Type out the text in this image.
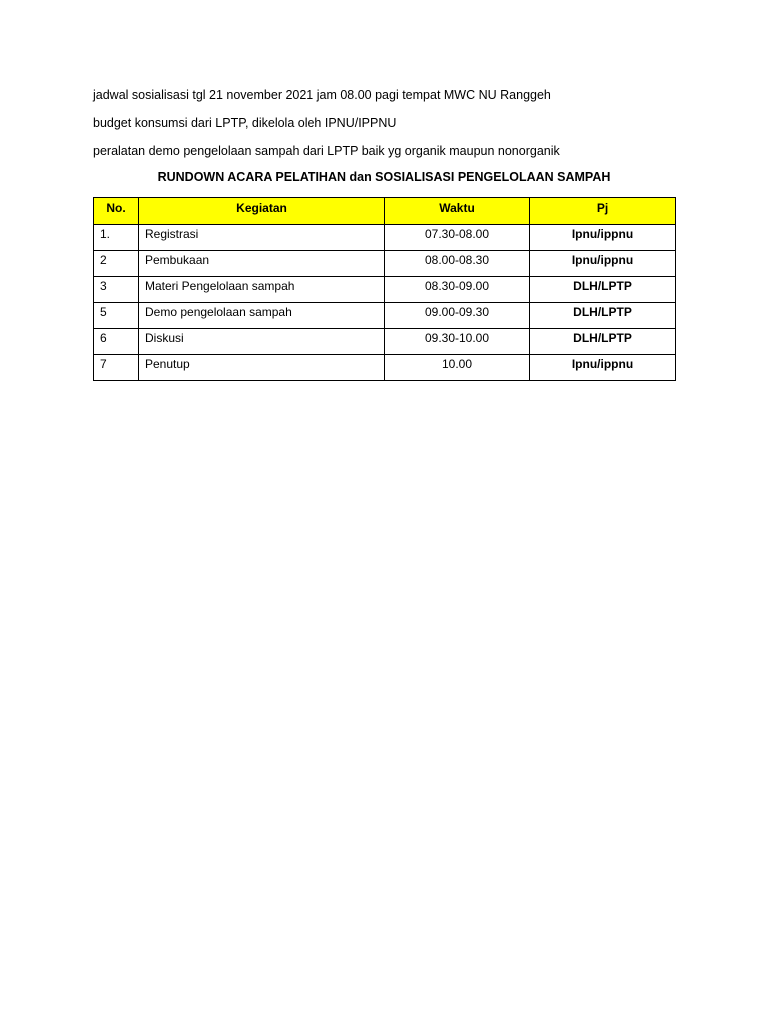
jadwal sosialisasi tgl 21 november 2021 jam 08.00 pagi tempat MWC NU Ranggeh
budget konsumsi dari LPTP, dikelola oleh IPNU/IPPNU
peralatan demo pengelolaan sampah dari LPTP baik yg organik maupun nonorganik
RUNDOWN ACARA PELATIHAN dan SOSIALISASI PENGELOLAAN SAMPAH
No.	Kegiatan	Waktu	Pj
1.	Registrasi	07.30-08.00	Ipnu/ippnu
2	Pembukaan	08.00-08.30	Ipnu/ippnu
3	Materi Pengelolaan sampah	08.30-09.00	DLH/LPTP
5	Demo pengelolaan sampah	09.00-09.30	DLH/LPTP
6	Diskusi	09.30-10.00	DLH/LPTP
7	Penutup	10.00	Ipnu/ippnu
